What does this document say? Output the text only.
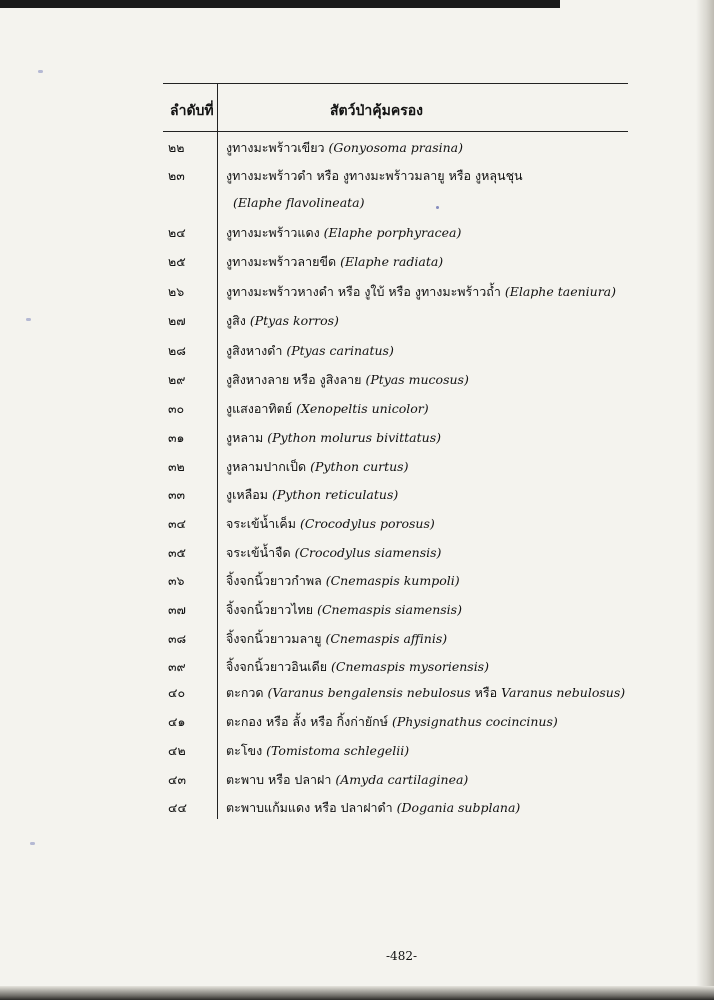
ลำดับที่	สัตว์ป่าคุ้มครอง
๒๒	งูทางมะพร้าวเขียว (Gonyosoma prasina)
๒๓	งูทางมะพร้าวดำ หรือ งูทางมะพร้าวมลายู หรือ งูหลุนชุน
(Elaphe flavolineata)
๒๔	งูทางมะพร้าวแดง (Elaphe porphyracea)
๒๕	งูทางมะพร้าวลายขีด (Elaphe radiata)
๒๖	งูทางมะพร้าวหางดำ หรือ งูใบ้ หรือ งูทางมะพร้าวถ้ำ (Elaphe taeniura)
๒๗	งูสิง (Ptyas korros)
๒๘	งูสิงหางดำ (Ptyas carinatus)
๒๙	งูสิงหางลาย หรือ งูสิงลาย (Ptyas mucosus)
๓๐	งูแสงอาทิตย์ (Xenopeltis unicolor)
๓๑	งูหลาม (Python molurus bivittatus)
๓๒	งูหลามปากเป็ด (Python curtus)
๓๓	งูเหลือม (Python reticulatus)
๓๔	จระเข้น้ำเค็ม (Crocodylus porosus)
๓๕	จระเข้น้ำจืด (Crocodylus siamensis)
๓๖	จิ้งจกนิ้วยาวกำพล (Cnemaspis kumpoli)
๓๗	จิ้งจกนิ้วยาวไทย (Cnemaspis siamensis)
๓๘	จิ้งจกนิ้วยาวมลายู (Cnemaspis affinis)
๓๙	จิ้งจกนิ้วยาวอินเดีย (Cnemaspis mysoriensis)
๔๐	ตะกวด (Varanus bengalensis nebulosus หรือ Varanus nebulosus)
๔๑	ตะกอง หรือ ลั้ง หรือ กิ้งก่ายักษ์ (Physignathus cocincinus)
๔๒	ตะโขง (Tomistoma schlegelii)
๔๓	ตะพาบ หรือ ปลาฝา (Amyda cartilaginea)
๔๔	ตะพาบแก้มแดง หรือ ปลาฝาดำ (Dogania subplana)
-482-
